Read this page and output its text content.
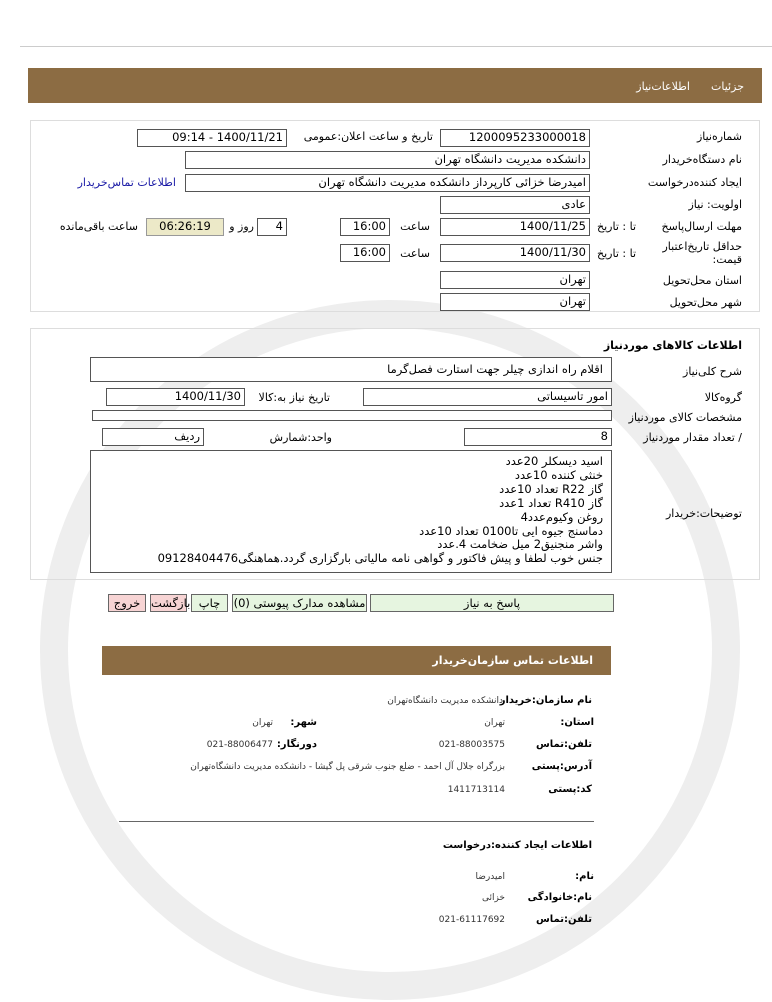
جزئیات
اطلاعات‌نیاز
شماره‌نیاز
1200095233000018
تاریخ و ساعت اعلان:عمومی
1400/11/21 - 09:14
نام دستگاه‌خریدار
دانشکده مدیریت دانشگاه تهران
ایجاد کننده‌درخواست
امیدرضا خزائی کارپرداز دانشکده مدیریت دانشگاه تهران
اطلاعات تماس‌خریدار
اولویت: نیاز
عادی
مهلت ارسال‌پاسخ
تا : تاریخ
1400/11/25
ساعت
16:00
4
روز و
06:26:19
ساعت باقی‌مانده
حداقل تاریخ‌اعتبار قیمت:
تا : تاریخ
1400/11/30
ساعت
16:00
استان محل‌تحویل
تهران
شهر محل‌تحویل
تهران
اطلاعات کالاهای موردنیاز
شرح کلی‌نیاز
اقلام راه اندازی چیلر جهت استارت فصل‌گرما
گروه‌کالا
امور تاسیساتی
تاریخ نیاز به:کالا
1400/11/30
مشخصات کالای مورد‌نیاز
/ تعداد مقدار مورد‌نیاز
8
واحد:شمارش
ردیف
توضیحات:خریدار
اسید دیسکلر 20عدد
خنثی کننده 10عدد
گاز R22 تعداد 10عدد
گاز R410 تعداد 1عدد
روغن وکیوم‌عدد4
دماسنج جیوه ایی تا0100 تعداد 10عدد
واشر منجنیق2 میل ضخامت 4.عدد
جنس خوب لطفا و پیش فاکتور و گواهی نامه مالیاتی بارگزاری گردد.هماهنگی09128404476
پاسخ به نیاز
مشاهده مدارک پیوستی (0)
چاپ
بازگشت
خروج
اطلاعات تماس سازمان‌خریدار
نام سازمان:خریدار
دانشکده مدیریت دانشگاه‌تهران
استان:
تهران
شهر:
تهران
تلفن:تماس
021-88003575
دورنگار:
021-88006477
آدرس:پستی
بزرگراه جلال آل احمد - ضلع جنوب شرقی پل گیشا - دانشکده مدیریت دانشگاه‌تهران
کد:پستی
1411713114
اطلاعات ایجاد کننده:درخواست
نام:
امیدرضا
نام:خانوادگی
خزائی
تلفن:تماس
021-61117692
